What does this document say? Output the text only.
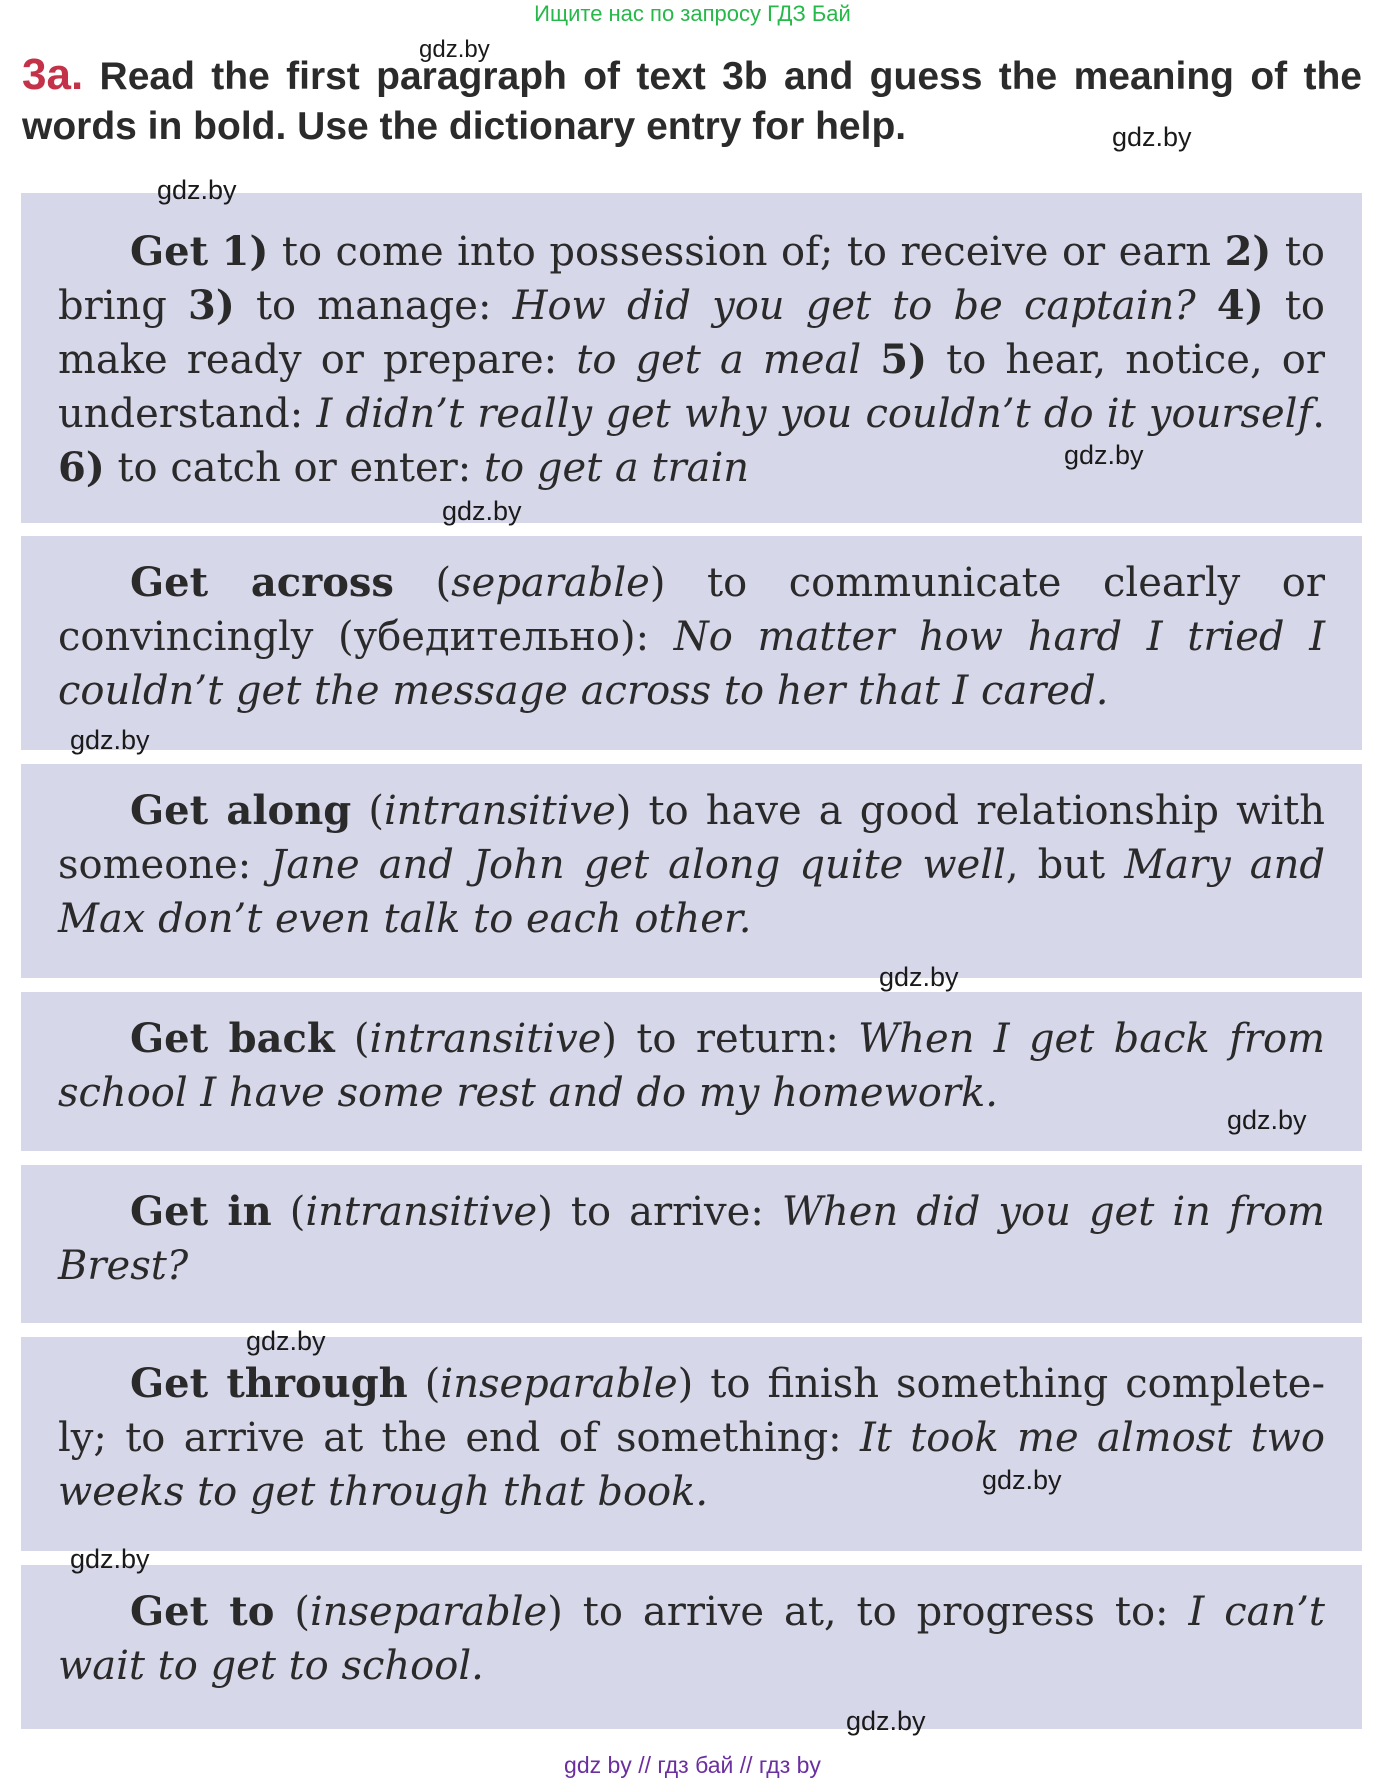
Ищите нас по запросу ГДЗ Бай
3a. Read the first paragraph of text 3b and guess the meaning of the words in bold. Use the dictionary entry for help.

Get 1) to come into possession of; to receive or earn 2) to bring 3) to manage: How did you get to be captain? 4) to make ready or prepare: to get a meal 5) to hear, notice, or understand: I didn’t really get why you couldn’t do it yourself. 6) to catch or enter: to get a train

Get across (separable) to communicate clearly or convincingly (убедительно): No matter how hard I tried I couldn’t get the message across to her that I cared.

Get along (intransitive) to have a good relationship with someone: Jane and John get along quite well, but Mary and Max don’t even talk to each other.

Get back (intransitive) to return: When I get back from school I have some rest and do my homework.

Get in (intransitive) to arrive: When did you get in from Brest?

Get through (inseparable) to finish something completely; to arrive at the end of something: It took me almost two weeks to get through that book.

Get to (inseparable) to arrive at, to progress to: I can’t wait to get to school.

gdz.by
gdz.by
gdz.by
gdz.by
gdz.by
gdz.by
gdz.by
gdz.by
gdz.by
gdz.by
gdz.by
gdz.by
gdz by // гдз бай // гдз by
